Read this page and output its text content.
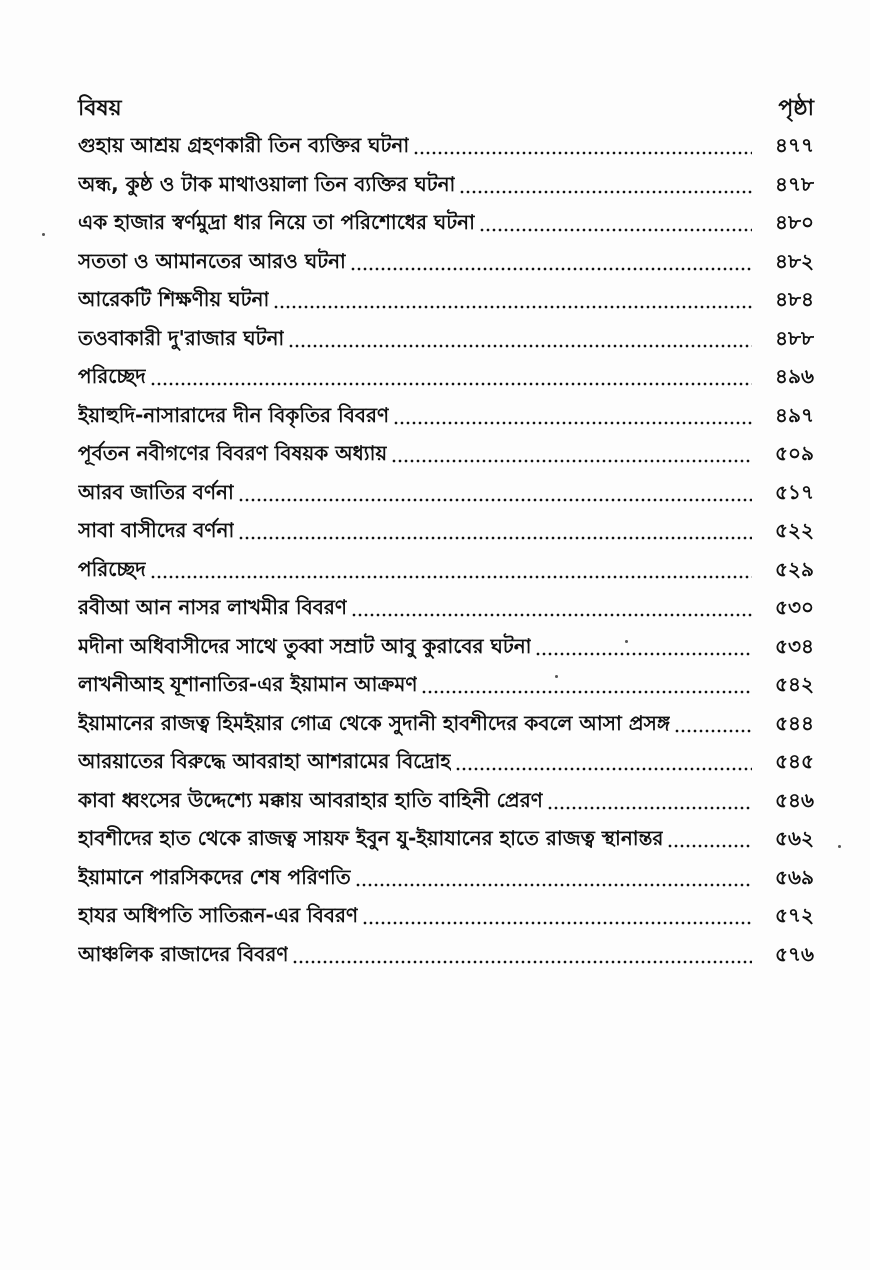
বিষয়	পৃষ্ঠা
গুহায় আশ্রয় গ্রহণকারী তিন ব্যক্তির ঘটনা	৪৭৭
অন্ধ, কুষ্ঠ ও টাক মাথাওয়ালা তিন ব্যক্তির ঘটনা	৪৭৮
এক হাজার স্বর্ণমুদ্রা ধার নিয়ে তা পরিশোধের ঘটনা	৪৮০
সততা ও আমানতের আরও ঘটনা	৪৮২
আরেকটি শিক্ষণীয় ঘটনা	৪৮৪
তওবাকারী দু'রাজার ঘটনা	৪৮৮
পরিচ্ছেদ	৪৯৬
ইয়াহুদি-নাসারাদের দীন বিকৃতির বিবরণ	৪৯৭
পূর্বতন নবীগণের বিবরণ বিষয়ক অধ্যায়	৫০৯
আরব জাতির বর্ণনা	৫১৭
সাবা বাসীদের বর্ণনা	৫২২
পরিচ্ছেদ	৫২৯
রবীআ আন নাসর লাখমীর বিবরণ	৫৩০
মদীনা অধিবাসীদের সাথে তুব্বা সম্রাট আবু কুরাবের ঘটনা	৫৩৪
লাখনীআহ যূশানাতির-এর ইয়ামান আক্রমণ	৫৪২
ইয়ামানের রাজত্ব হিমইয়ার গোত্র থেকে সুদানী হাবশীদের কবলে আসা প্রসঙ্গ	৫৪৪
আরয়াতের বিরুদ্ধে আবরাহা আশরামের বিদ্রোহ	৫৪৫
কাবা ধ্বংসের উদ্দেশ্যে মক্কায় আবরাহার হাতি বাহিনী প্রেরণ	৫৪৬
হাবশীদের হাত থেকে রাজত্ব সায়ফ ইবুন যু-ইয়াযানের হাতে রাজত্ব স্থানান্তর	৫৬২
ইয়ামানে পারসিকদের শেষ পরিণতি	৫৬৯
হাযর অধিপতি সাতিরূন-এর বিবরণ	৫৭২
আঞ্চলিক রাজাদের বিবরণ	৫৭৬
